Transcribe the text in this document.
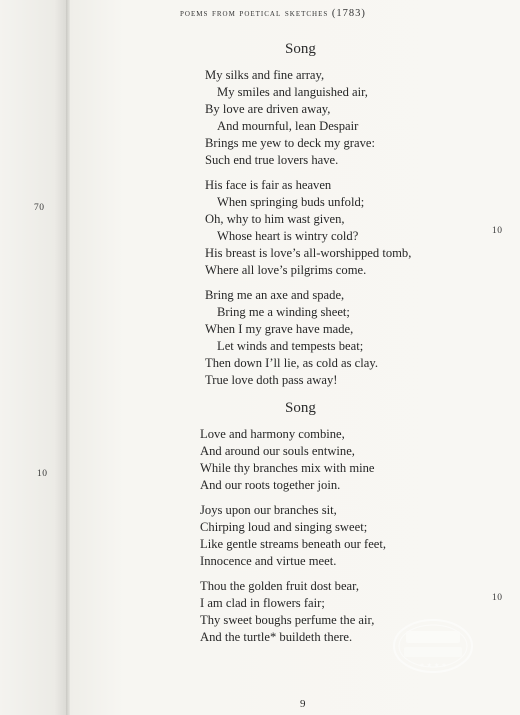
poems from poetical sketches (1783)
Song
My silks and fine array,
My smiles and languished air,
By love are driven away,
And mournful, lean Despair
Brings me yew to deck my grave:
Such end true lovers have.
His face is fair as heaven
When springing buds unfold;
Oh, why to him wast given,
Whose heart is wintry cold?
His breast is love’s all-worshipped tomb,
Where all love’s pilgrims come.
Bring me an axe and spade,
Bring me a winding sheet;
When I my grave have made,
Let winds and tempests beat;
Then down I’ll lie, as cold as clay.
True love doth pass away!
Song
Love and harmony combine,
And around our souls entwine,
While thy branches mix with mine
And our roots together join.
Joys upon our branches sit,
Chirping loud and singing sweet;
Like gentle streams beneath our feet,
Innocence and virtue meet.
Thou the golden fruit dost bear,
I am clad in flowers fair;
Thy sweet boughs perfume the air,
And the turtle* buildeth there.
70
10
10
10
9
★ ★ ★ ★
